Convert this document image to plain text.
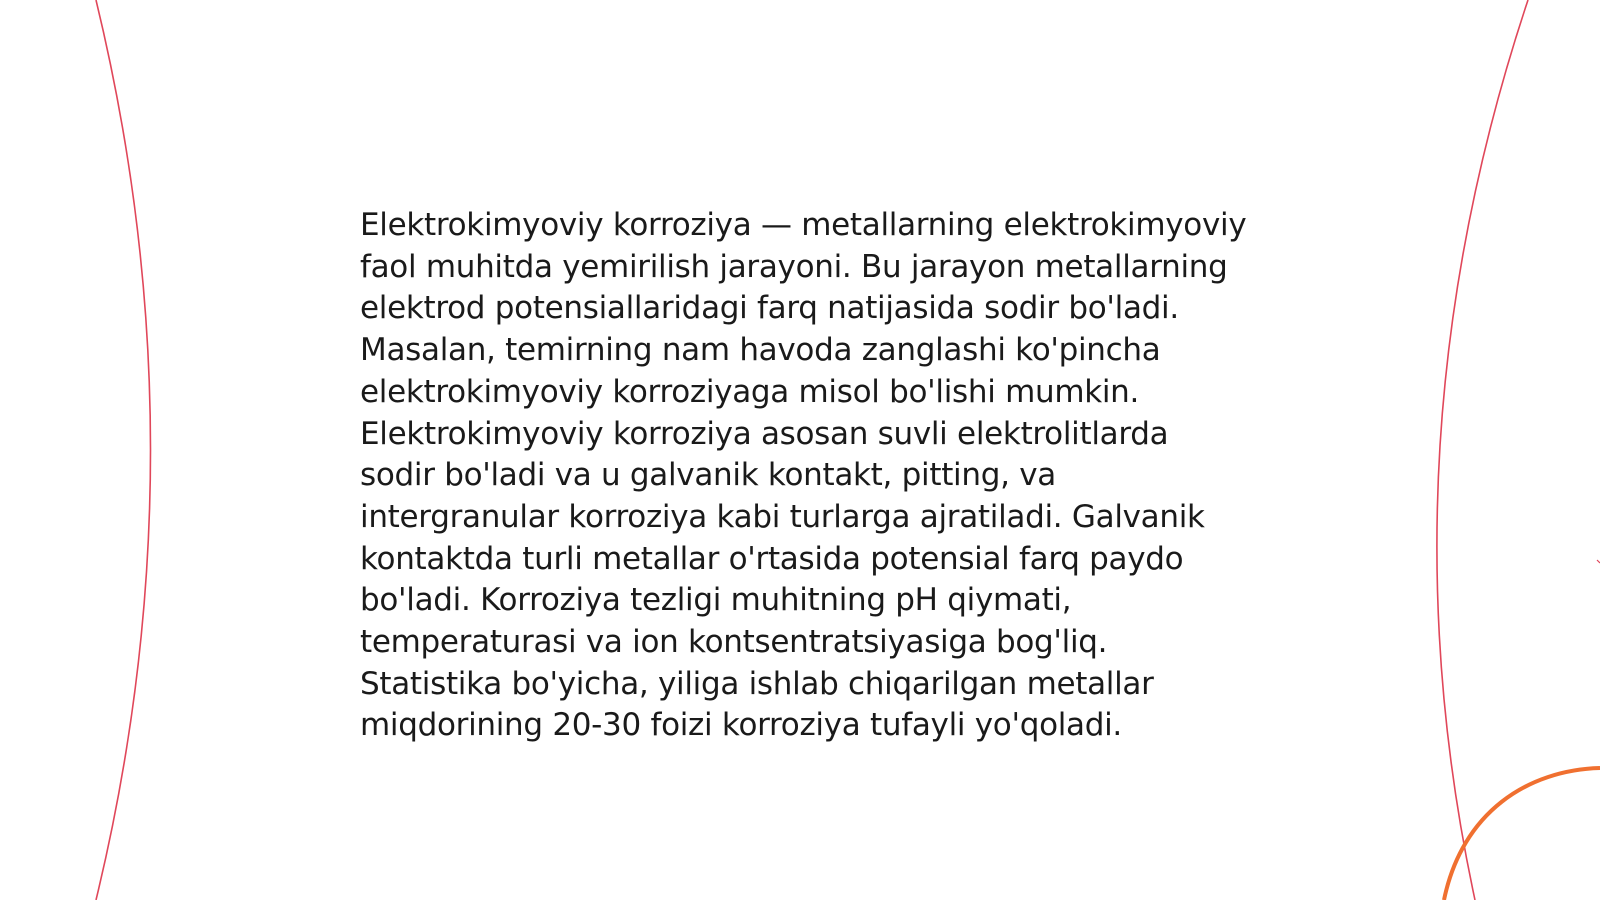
Elektrokimyoviy korroziya — metallarning elektrokimyoviy faol muhitda yemirilish jarayoni. Bu jarayon metallarning elektrod potensiallaridagi farq natijasida sodir bo'ladi. Masalan, temirning nam havoda zanglashi ko'pincha elektrokimyoviy korroziyaga misol bo'lishi mumkin. Elektrokimyoviy korroziya asosan suvli elektrolitlarda sodir bo'ladi va u galvanik kontakt, pitting, va intergranular korroziya kabi turlarga ajratiladi. Galvanik kontaktda turli metallar o'rtasida potensial farq paydo bo'ladi. Korroziya tezligi muhitning pH qiymati, temperaturasi va ion kontsentratsiyasiga bog'liq. Statistika bo'yicha, yiliga ishlab chiqarilgan metallar miqdorining 20-30 foizi korroziya tufayli yo'qoladi.
